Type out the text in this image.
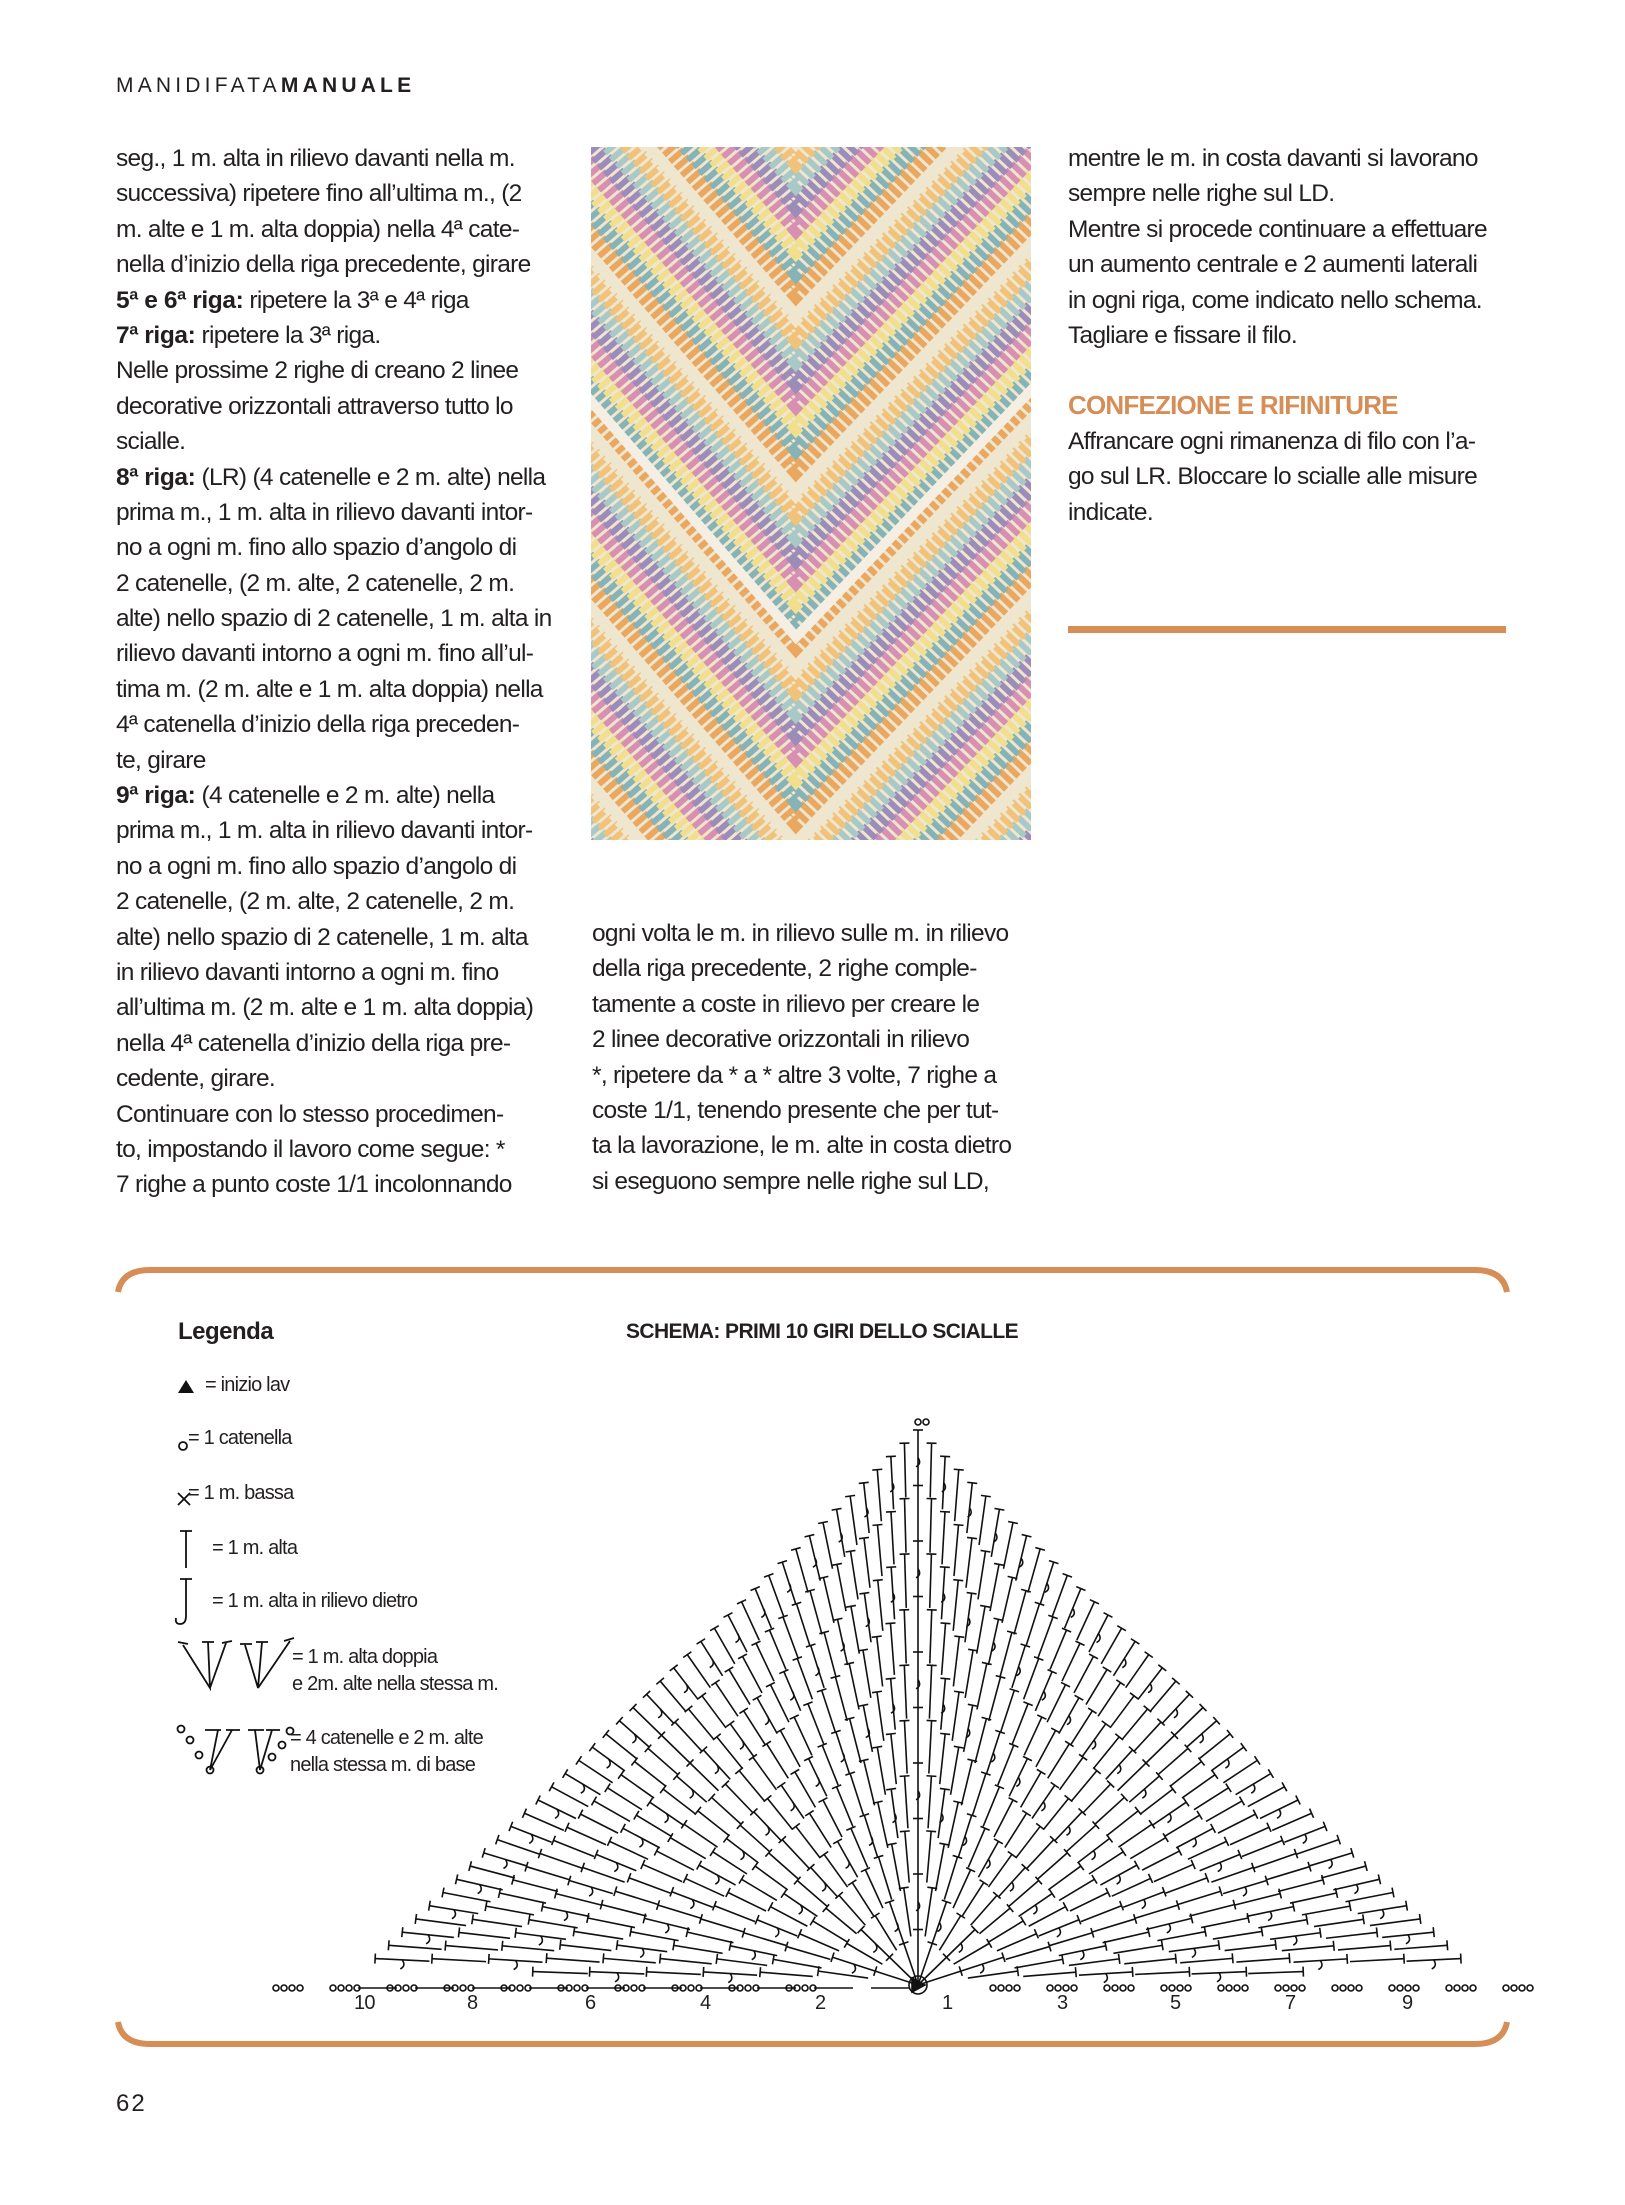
MANIDIFATAMANUALE
seg., 1 m. alta in rilievo davanti nella m.
successiva) ripetere fino all’ultima m., (2
m. alte e 1 m. alta doppia) nella 4ª cate-
nella d’inizio della riga precedente, girare
5ª e 6ª riga: ripetere la 3ª e 4ª riga
7ª riga: ripetere la 3ª riga.
Nelle prossime 2 righe di creano 2 linee
decorative orizzontali attraverso tutto lo
scialle.
8ª riga: (LR) (4 catenelle e 2 m. alte) nella
prima m., 1 m. alta in rilievo davanti intor-
no a ogni m. fino allo spazio d’angolo di
2 catenelle, (2 m. alte, 2 catenelle, 2 m.
alte) nello spazio di 2 catenelle, 1 m. alta in
rilievo davanti intorno a ogni m. fino all’ul-
tima m. (2 m. alte e 1 m. alta doppia) nella
4ª catenella d’inizio della riga preceden-
te, girare
9ª riga: (4 catenelle e 2 m. alte) nella
prima m., 1 m. alta in rilievo davanti intor-
no a ogni m. fino allo spazio d’angolo di
2 catenelle, (2 m. alte, 2 catenelle, 2 m.
alte) nello spazio di 2 catenelle, 1 m. alta
in rilievo davanti intorno a ogni m. fino
all’ultima m. (2 m. alte e 1 m. alta doppia)
nella 4ª catenella d’inizio della riga pre-
cedente, girare.
Continuare con lo stesso procedimen-
to, impostando il lavoro come segue: *
7 righe a punto coste 1/1 incolonnando
ogni volta le m. in rilievo sulle m. in rilievo
della riga precedente, 2 righe comple-
tamente a coste in rilievo per creare le
2 linee decorative orizzontali in rilievo
*, ripetere da * a * altre 3 volte, 7 righe a
coste 1/1, tenendo presente che per tut-
ta la lavorazione, le m. alte in costa dietro
si eseguono sempre nelle righe sul LD,
mentre le m. in costa davanti si lavorano
sempre nelle righe sul LD.
Mentre si procede continuare a effettuare
un aumento centrale e 2 aumenti laterali
in ogni riga, come indicato nello schema.
Tagliare e fissare il filo.
CONFEZIONE E RIFINITURE
Affrancare ogni rimanenza di filo con l’a-
go sul LR. Bloccare lo scialle alle misure
indicate.
Legenda	SCHEMA: PRIMI 10 GIRI DELLO SCIALLE
= inizio lav
= 1 catenella
= 1 m. bassa
= 1 m. alta
= 1 m. alta in rilievo dietro
= 1 m. alta doppia
e 2m. alte nella stessa m.
= 4 catenelle e 2 m. alte
nella stessa m. di base
10	8	6	4	2	1	3	5	7	9
62
